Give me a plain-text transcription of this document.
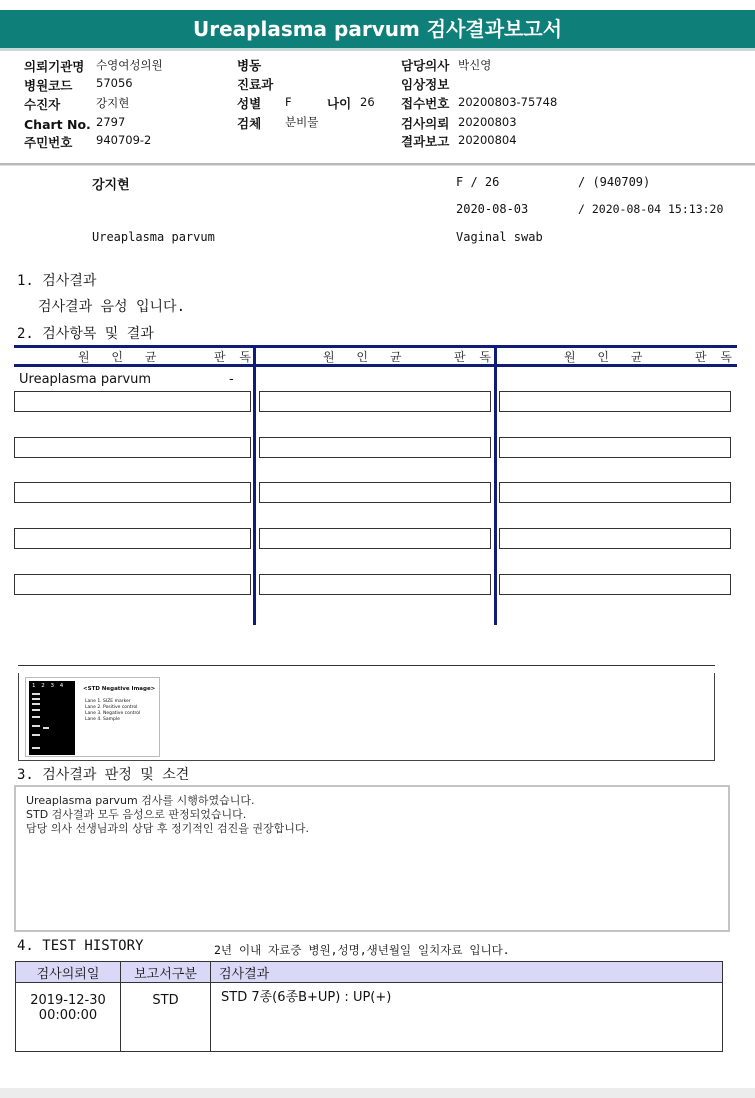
Ureaplasma parvum 검사결과보고서
의뢰기관명 수영여성의원
병원코드 57056
수진자	강지현
Chart No. 2797
주민번호 940709-2
병동
진료과
성별 F	나이 26
검체 분비물
담당의사 박신영
임상정보
접수번호 20200803-75748
검사의뢰 20200803
결과보고 20200804
강지현	F / 26	/ (940709)
2020-08-03	/ 2020-08-04 15:13:20
Ureaplasma parvum	Vaginal swab
1. 검사결과
검사결과 음성 입니다.
2. 검사항목 및 결과
원 인 균	판 독	원 인 균	판 독	원 인 균	판 독
Ureaplasma parvum	-
1 2 3 4	<STD Negative Image>
Lane 1. SIZE marker
Lane 2. Positive control
Lane 3. Negative control
Lane 4. Sample
3. 검사결과 판정 및 소견
Ureaplasma parvum 검사를 시행하였습니다.
STD 검사결과 모두 음성으로 판정되었습니다.
담당 의사 선생님과의 상담 후 정기적인 검진을 권장합니다.
4. TEST HISTORY	2년 이내 자료중 병원,성명,생년월일 일치자료 입니다.
검사의뢰일	보고서구분	검사결과

2019-12-30
00:00:00	STD	STD 7종(6종B+UP) : UP(+)
